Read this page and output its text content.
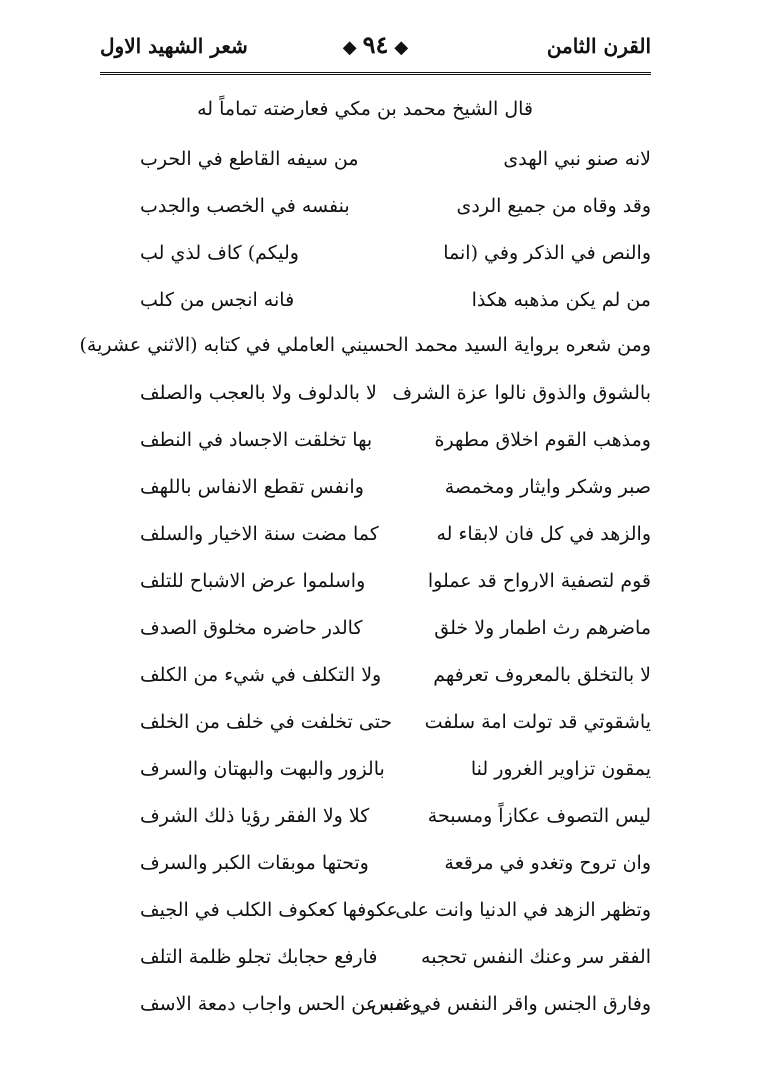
القرن الثامن
◆٩٤◆
شعر الشهيد الاول
قال الشيخ محمد بن مكي فعارضته تماماً له
لانه صنو نبي الهدى
من سيفه القاطع في الحرب
وقد وقاه من جميع الردى
بنفسه في الخصب والجدب
والنص في الذكر وفي (انما
وليكم) كاف لذي لب
من لم يكن مذهبه هكذا
فانه انجس من كلب
ومن شعره برواية السيد محمد الحسيني العاملي في كتابه (الاثني عشرية)
بالشوق والذوق نالوا عزة الشرف
لا بالدلوف ولا بالعجب والصلف
ومذهب القوم اخلاق مطهرة
بها تخلقت الاجساد في النطف
صبر وشكر وايثار ومخمصة
وانفس تقطع الانفاس باللهف
والزهد في كل فان لابقاء له
كما مضت سنة الاخيار والسلف
قوم لتصفية الارواح قد عملوا
واسلموا عرض الاشباح للتلف
ماضرهم رث اطمار ولا خلق
كالدر حاضره مخلوق الصدف
لا بالتخلق بالمعروف تعرفهم
ولا التكلف في شيء من الكلف
ياشقوتي قد تولت امة سلفت
حتى تخلفت في خلف من الخلف
يمقون تزاوير الغرور لنا
بالزور والبهت والبهتان والسرف
ليس التصوف عكازاً ومسبحة
كلا ولا الفقر رؤيا ذلك الشرف
وان تروح وتغدو في مرقعة
وتحتها موبقات الكبر والسرف
وتظهر الزهد في الدنيا وانت على
عكوفها كعكوف الكلب في الجيف
الفقر سر وعنك النفس تحجبه
فارفع حجابك تجلو ظلمة التلف
وفارق الجنس واقر النفس في نفس
وغب عن الحس واجاب دمعة الاسف
